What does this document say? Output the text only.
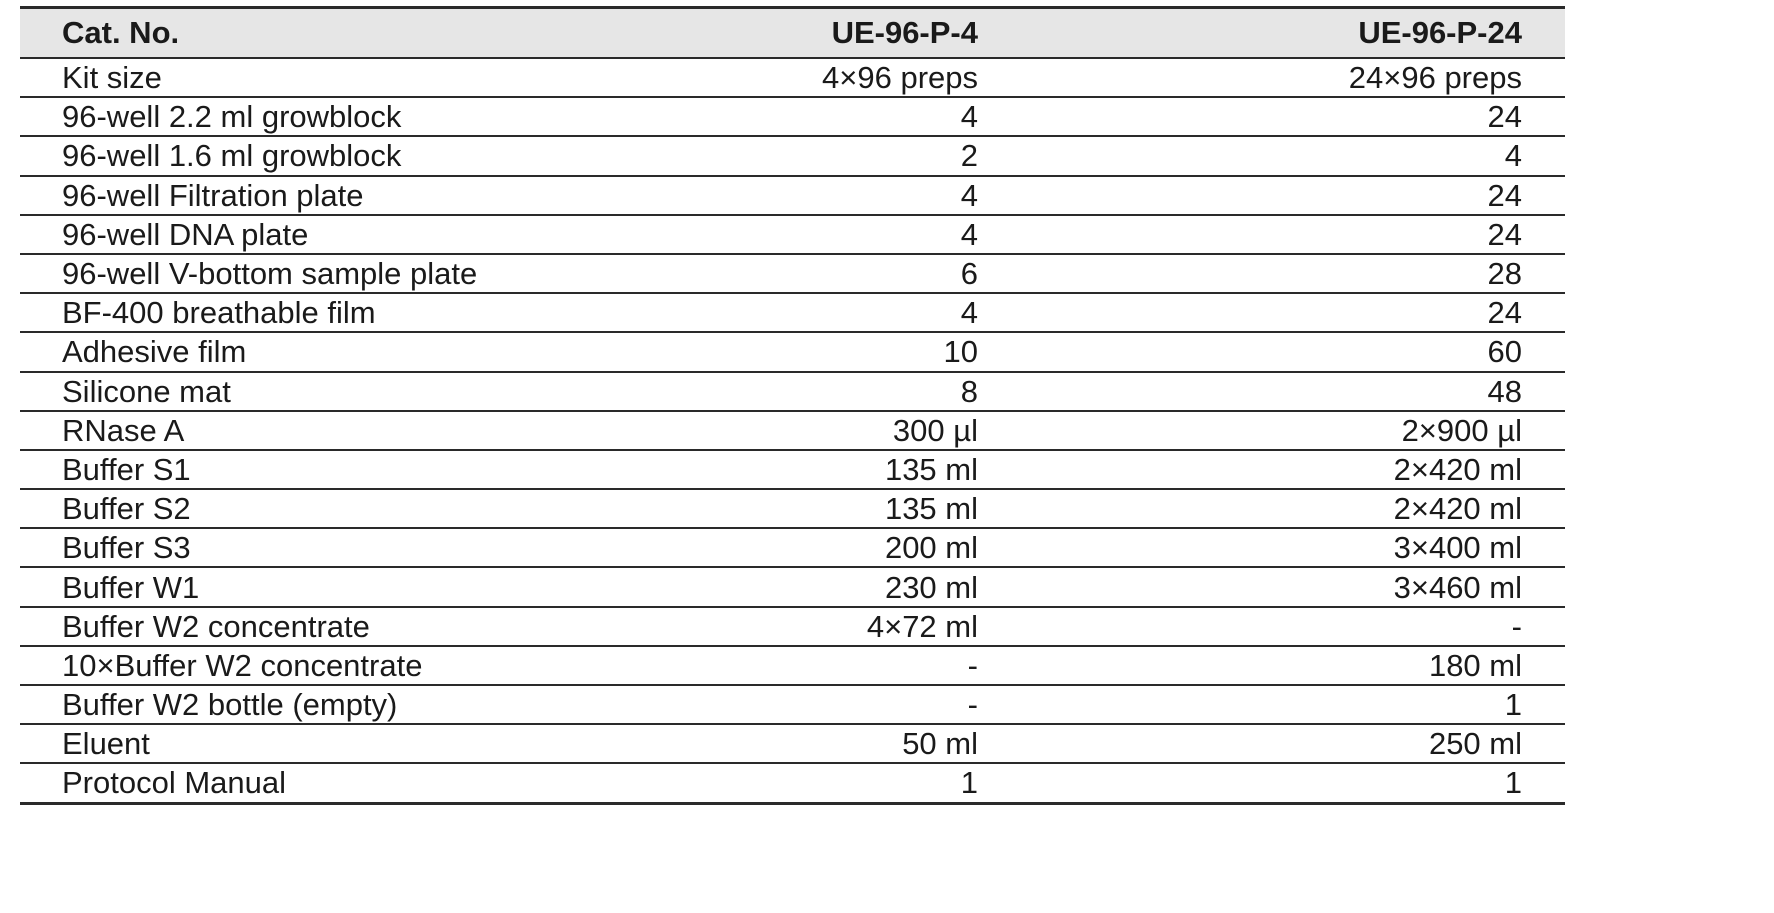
Cat. No.	UE-96-P-4	UE-96-P-24
Kit size	4×96 preps	24×96 preps
96-well 2.2 ml growblock	4	24
96-well 1.6 ml growblock	2	4
96-well Filtration plate	4	24
96-well DNA plate	4	24
96-well V-bottom sample plate	6	28
BF-400 breathable film	4	24
Adhesive film	10	60
Silicone mat	8	48
RNase A	300 µl	2×900 µl
Buffer S1	135 ml	2×420 ml
Buffer S2	135 ml	2×420 ml
Buffer S3	200 ml	3×400 ml
Buffer W1	230 ml	3×460 ml
Buffer W2 concentrate	4×72 ml	-
10×Buffer W2 concentrate	-	180 ml
Buffer W2 bottle (empty)	-	1
Eluent	50 ml	250 ml
Protocol Manual	1	1
